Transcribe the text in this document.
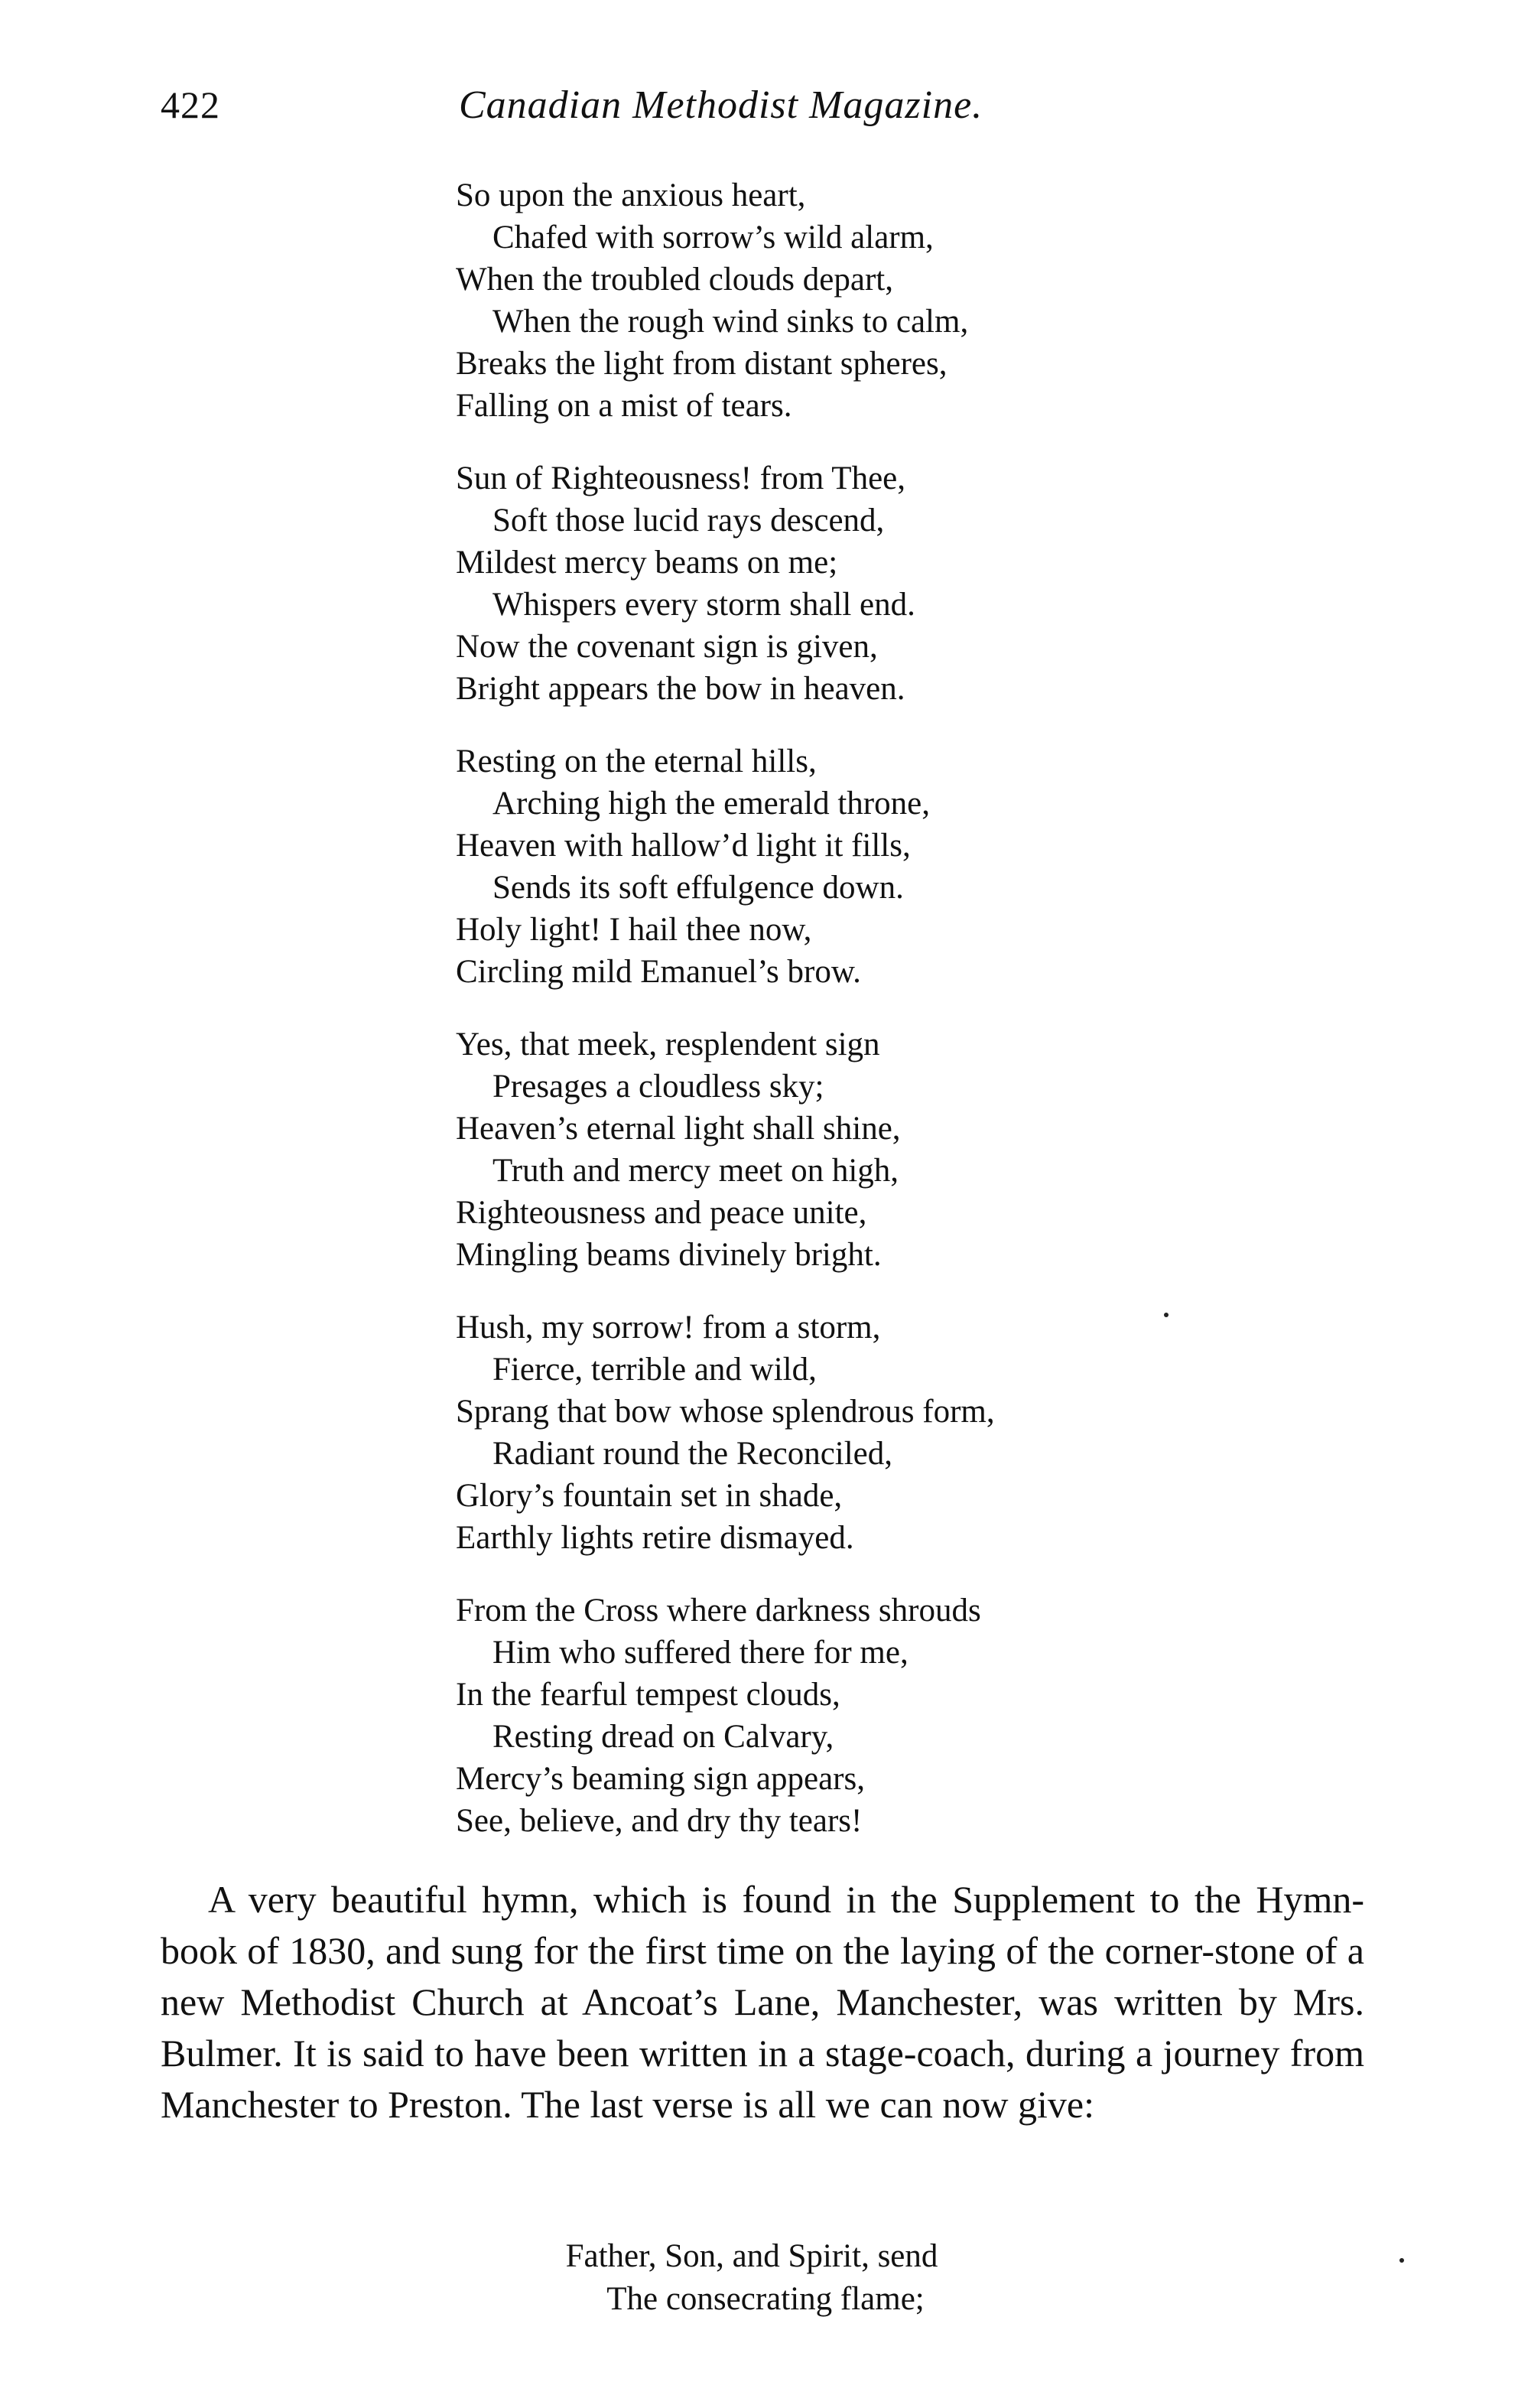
422	Canadian Methodist Magazine.
So upon the anxious heart,
Chafed with sorrow’s wild alarm,
When the troubled clouds depart,
When the rough wind sinks to calm,
Breaks the light from distant spheres,
Falling on a mist of tears.
Sun of Righteousness! from Thee,
Soft those lucid rays descend,
Mildest mercy beams on me;
Whispers every storm shall end.
Now the covenant sign is given,
Bright appears the bow in heaven.
Resting on the eternal hills,
Arching high the emerald throne,
Heaven with hallow’d light it fills,
Sends its soft effulgence down.
Holy light! I hail thee now,
Circling mild Emanuel’s brow.
Yes, that meek, resplendent sign
Presages a cloudless sky;
Heaven’s eternal light shall shine,
Truth and mercy meet on high,
Righteousness and peace unite,
Mingling beams divinely bright.
Hush, my sorrow! from a storm,
Fierce, terrible and wild,
Sprang that bow whose splendrous form,
Radiant round the Reconciled,
Glory’s fountain set in shade,
Earthly lights retire dismayed.
From the Cross where darkness shrouds
Him who suffered there for me,
In the fearful tempest clouds,
Resting dread on Calvary,
Mercy’s beaming sign appears,
See, believe, and dry thy tears!
A very beautiful hymn, which is found in the Supplement to the Hymn-book of 1830, and sung for the first time on the laying of the corner-stone of a new Methodist Church at Ancoat’s Lane, Manchester, was written by Mrs. Bulmer. It is said to have been written in a stage-coach, during a journey from Manchester to Preston. The last verse is all we can now give:
Father, Son, and Spirit, send
The consecrating flame;
